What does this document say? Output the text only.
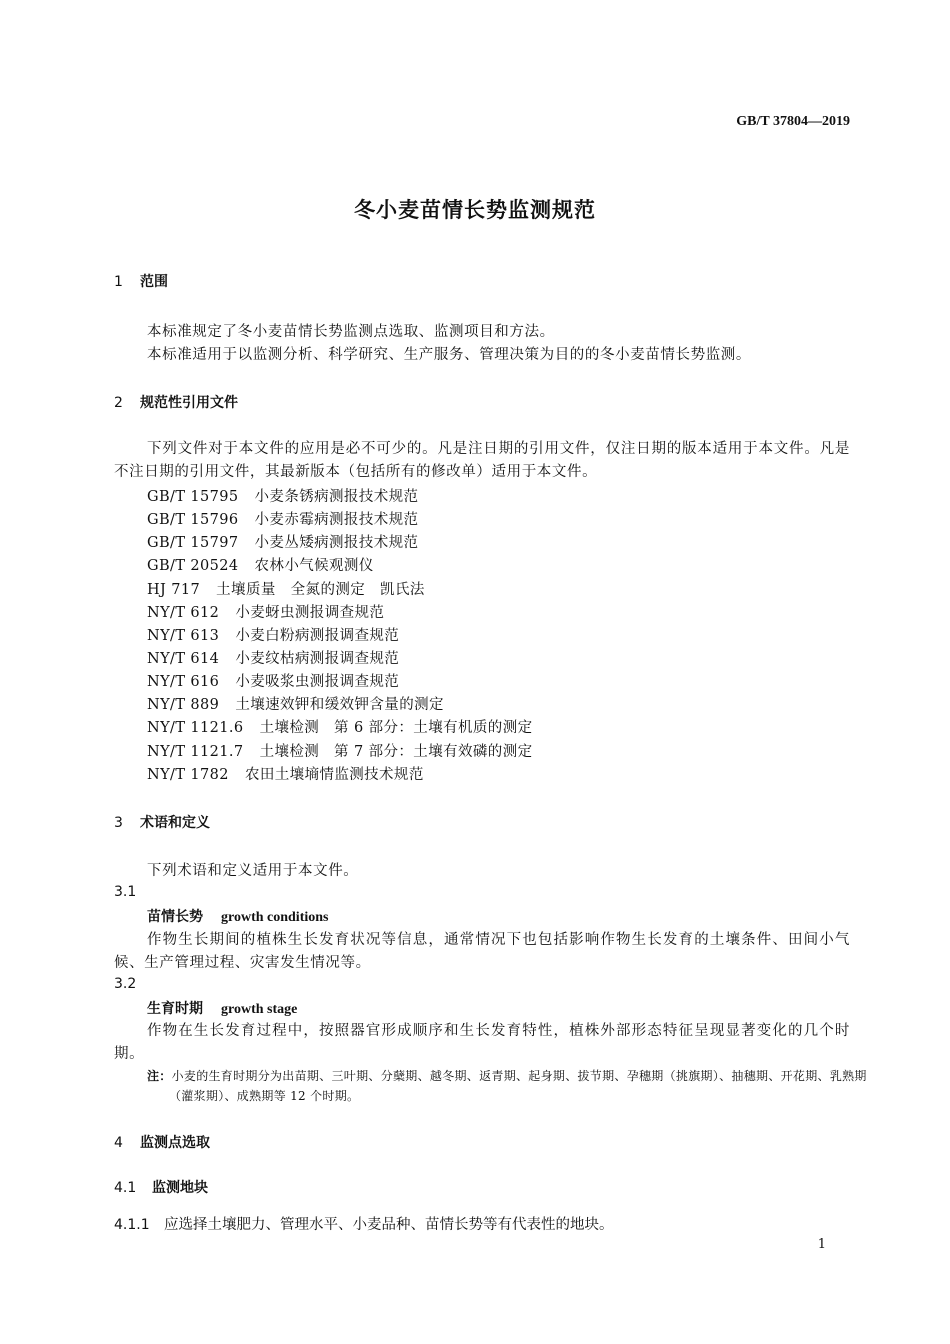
GB/T 37804—2019
冬小麦苗情长势监测规范
1 范围
本标准规定了冬小麦苗情长势监测点选取、监测项目和方法。
本标准适用于以监测分析、科学研究、生产服务、管理决策为目的的冬小麦苗情长势监测。
2 规范性引用文件
下列文件对于本文件的应用是必不可少的。凡是注日期的引用文件，仅注日期的版本适用于本文件。凡是不注日期的引用文件，其最新版本（包括所有的修改单）适用于本文件。
GB/T 15795 小麦条锈病测报技术规范
GB/T 15796 小麦赤霉病测报技术规范
GB/T 15797 小麦丛矮病测报技术规范
GB/T 20524 农林小气候观测仪
HJ 717 土壤质量　全氮的测定　凯氏法
NY/T 612 小麦蚜虫测报调查规范
NY/T 613 小麦白粉病测报调查规范
NY/T 614 小麦纹枯病测报调查规范
NY/T 616 小麦吸浆虫测报调查规范
NY/T 889 土壤速效钾和缓效钾含量的测定
NY/T 1121.6 土壤检测　第 6 部分：土壤有机质的测定
NY/T 1121.7 土壤检测　第 7 部分：土壤有效磷的测定
NY/T 1782 农田土壤墒情监测技术规范
3 术语和定义
下列术语和定义适用于本文件。
3.1
苗情长势 growth conditions
作物生长期间的植株生长发育状况等信息，通常情况下也包括影响作物生长发育的土壤条件、田间小气候、生产管理过程、灾害发生情况等。
3.2
生育时期 growth stage
作物在生长发育过程中，按照器官形成顺序和生长发育特性，植株外部形态特征呈现显著变化的几个时期。
注：小麦的生育时期分为出苗期、三叶期、分蘖期、越冬期、返青期、起身期、拔节期、孕穗期（挑旗期）、抽穗期、开花期、乳熟期（灌浆期）、成熟期等 12 个时期。
4 监测点选取
4.1 监测地块
4.1.1 应选择土壤肥力、管理水平、小麦品种、苗情长势等有代表性的地块。
1
